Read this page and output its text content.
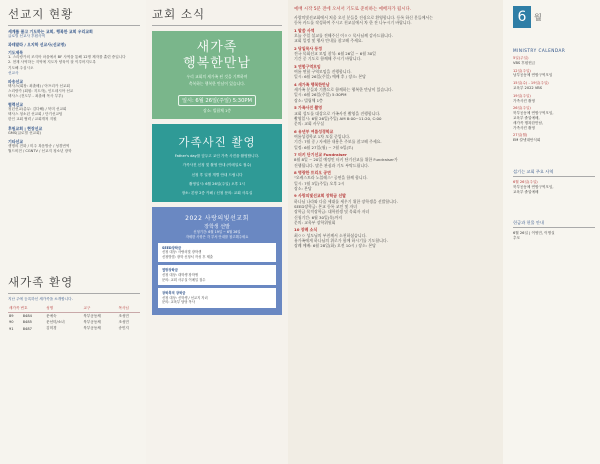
선교지 현황
세계를 품고 기도하는 교회, 행복한 교회 우리교회
글로벌 선교사 후원사역
과테말라 / 오지학 선교사(선교명)
기도제목
1. 스리랑카의 조지아 마을에서 BF 사역을 통해 12명 제자를 훈련 중입니다
2. 현재 사역하는 지역에 지도자 양육이 잘 이루어지도록
기도해 주십시오
선교사
파송선교
텍사스(회장: 최춘배) / 아프리카 선교회
스리랑카 (회원: 지도자), 인도네시아 선교
텍사스 (전도부 - 최춘배 목사 부부)
협력선교
청년선교(총무: 김다해) / 북미 선교회
텍사스 청소년 선교회 / 단기선교팀
한인 교회 협력 / 교회개척 지원
후원교회 | 현장선교
GMS(글로벌 선교회)
기타선교
생명의 전화 / 미주 복음방송 / 성경번역
월드비전 / CGNTV / 선교지 청소년 장학
새가족 환영
지난 주에 등록하신 새가족을 소개합니다.
새가족 번호		성명	교구	목사님
89	8484	문애숙	북부공동체	조성민
90	8485	문선미/소녀	북부공동체	조성민
91	8487	김미경	북부공동체	송민지
교회 소식
새가족
행복한만남
우리 교회의 새가족 된 것을 기쁘하며
축복하는 행복한 만남이 있습니다.
일시: 6월 26일(주일) 5:30PM
장소: 빌립체 1층
가족사진 촬영
Father's day를 앞두고 교인 가족 사진을 촬영합니다.
가족사진 신청 및 촬영 안내 (이메일로 접수)
신청 후 일정 개별 안내 드립니다
촬영일시: 6월 26일(주일) 오후 1시
장소: 본당 2층 카페 / 신청 문의: 교회 사무실
2022 사랑의빛선교회
장학생 선발
신청기간: 6월 19일 ~ 6월 26일
자세한 사항은 각 부서 안내를 참고해주세요
SEED장학금
신청 대상: 사랑의빛 장학생
신청방법: 장학 신청서 작성 후 제출
열방장학금
신청 대상: 대학생 장학생
문의: 교회 사무실 이메일 접수
장학목적 장학금
신청 대상: 신학생 / 선교지 자녀
문의: 교육부 담당 목사
예배 시작 5분 전에 오셔서 기도로 준비하는 예배자가 됩시다.
사랑의빛선교회에서 처음 오신 분들을 진심으로 환영합니다. 등록 하신 분들께서는
등록 카드를 작성하여 주시고 친교실에서 차 한 잔 나누시기 바랍니다.
1 말씀 사역
오늘 주일 설교를 전해주신 이ㅇㅇ 목사님께 감사드립니다.
교회 일정 및 행사 안내를 참고해 주세요.
2 당일목사 동정
전국 목회선교 모임 참석: 6월 26일 ~ 6월 30일
기간 중 기도로 함께해 주시기 바랍니다.
3 연합구역모임
여름 연합 구역모임을 진행합니다.
일시: 6월 26일(주일) 예배 후 / 장소: 본당
4 새가족 행복한만남
새가족 분들과 기쁨으로 함께하는 행복한 만남이 있습니다.
일시: 6월 26일(주일) 5:30PM
장소: 빌립체 1층
5 가족사진 촬영
교회 성도를 대상으로 가족사진 촬영을 진행합니다.
촬영일시: 6월 26일(주일) AM 8:00~11:20, C:00
문의: 교회 사무실
6 유년부 여름성경학교
여름성경학교 1차 모집 중입니다.
기간: 7월 중 / 자세한 내용은 주보를 참고해 주세요.
일정: 6월 27일(월) ~ 7월 9일(토)
7 터키 단기선교 Fundraiser
8월 8일 ~ 20일 예정인 터키 단기선교를 위한 Fundraiser가
진행됩니다. 많은 관심과 기도 부탁드립니다.
8 명량한 트리오 공연
"오케스트라 노블레스" 공연을 함께 합니다.
일시: 7월 3일(주일) 오후 2시
장소: 본당
9 사랑의빛선교회 장학금 선발
하나님 나라와 다음 세대를 세우기 위한 장학생을 선발합니다.
SEED장학금: 본교 등록 교인 및 자녀
장학금 목적장학금: 대학원생 및 목회자 자녀
신청기간: 6월 30일(목)까지
문의: 교육부 장학위원회
10 장례 소식
최ㅇㅇ 성도님의 부친께서 소천하셨습니다.
유가족에게 하나님의 위로가 함께 하시기를 기도합니다.
장례 예배: 6월 28일(화) 오전 10시 / 장소: 본당
6 월
MINISTRY CALENDAR
5일(주일)
VBS 후원헌금
12일(주일)
남부공동체 연합구역모임
15일(수) - 19일(주일)
교육부 2022 VBS
19일(주일)
가족사진 촬영
26일(주일)
북부공동체 연합구역모임,
교육부 졸업예배,
새가족 행복한만남,
가족사진 촬영
27일(월)
EM 칼넷대안식회
섬기는 교회 주요 사역
6월 26일(주일)
북부공동체 연합구역모임,
교육부 졸업예배
헌금과 헌물 안내
6월 26일 | 이영민, 이명실
추모
